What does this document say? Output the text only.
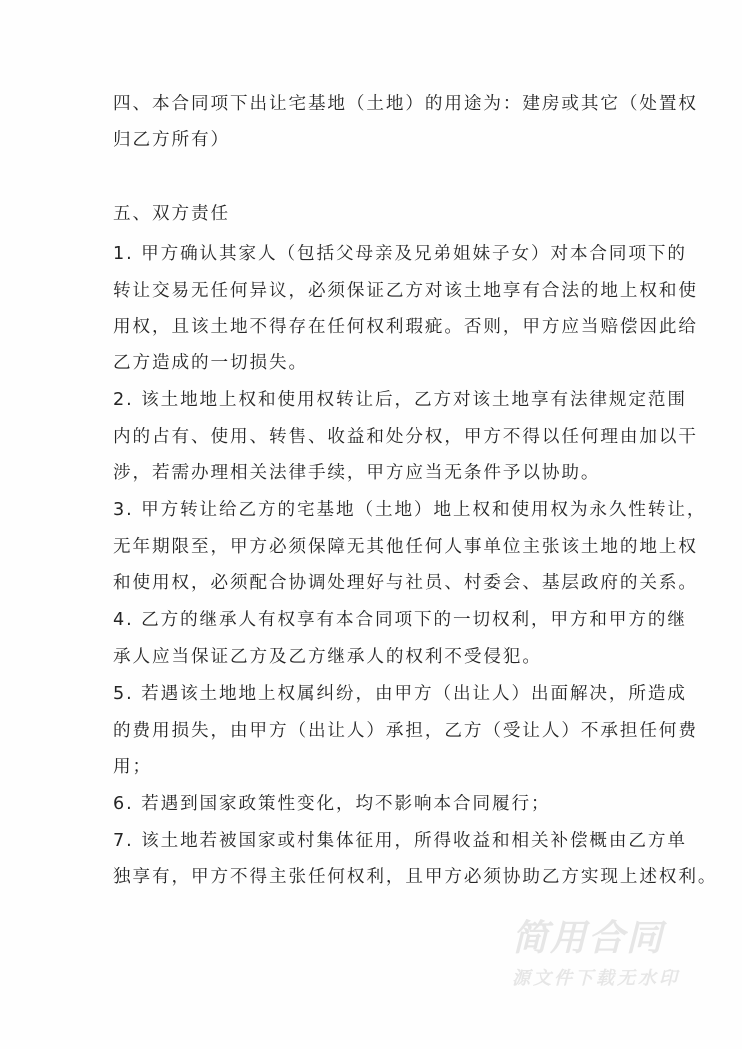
四、本合同项下出让宅基地（土地）的用途为：建房或其它（处置权
归乙方所有）
五、双方责任
1. 甲方确认其家人（包括父母亲及兄弟姐妹子女）对本合同项下的
转让交易无任何异议，必须保证乙方对该土地享有合法的地上权和使
用权，且该土地不得存在任何权利瑕疵。否则，甲方应当赔偿因此给
乙方造成的一切损失。
2. 该土地地上权和使用权转让后，乙方对该土地享有法律规定范围
内的占有、使用、转售、收益和处分权，甲方不得以任何理由加以干
涉，若需办理相关法律手续，甲方应当无条件予以协助。
3. 甲方转让给乙方的宅基地（土地）地上权和使用权为永久性转让，
无年期限至，甲方必须保障无其他任何人事单位主张该土地的地上权
和使用权，必须配合协调处理好与社员、村委会、基层政府的关系。
4. 乙方的继承人有权享有本合同项下的一切权利，甲方和甲方的继
承人应当保证乙方及乙方继承人的权利不受侵犯。
5. 若遇该土地地上权属纠纷，由甲方（出让人）出面解决，所造成
的费用损失，由甲方（出让人）承担，乙方（受让人）不承担任何费
用；
6. 若遇到国家政策性变化，均不影响本合同履行；
7. 该土地若被国家或村集体征用，所得收益和相关补偿概由乙方单
独享有，甲方不得主张任何权利，且甲方必须协助乙方实现上述权利。
简用合同
源文件下载无水印
